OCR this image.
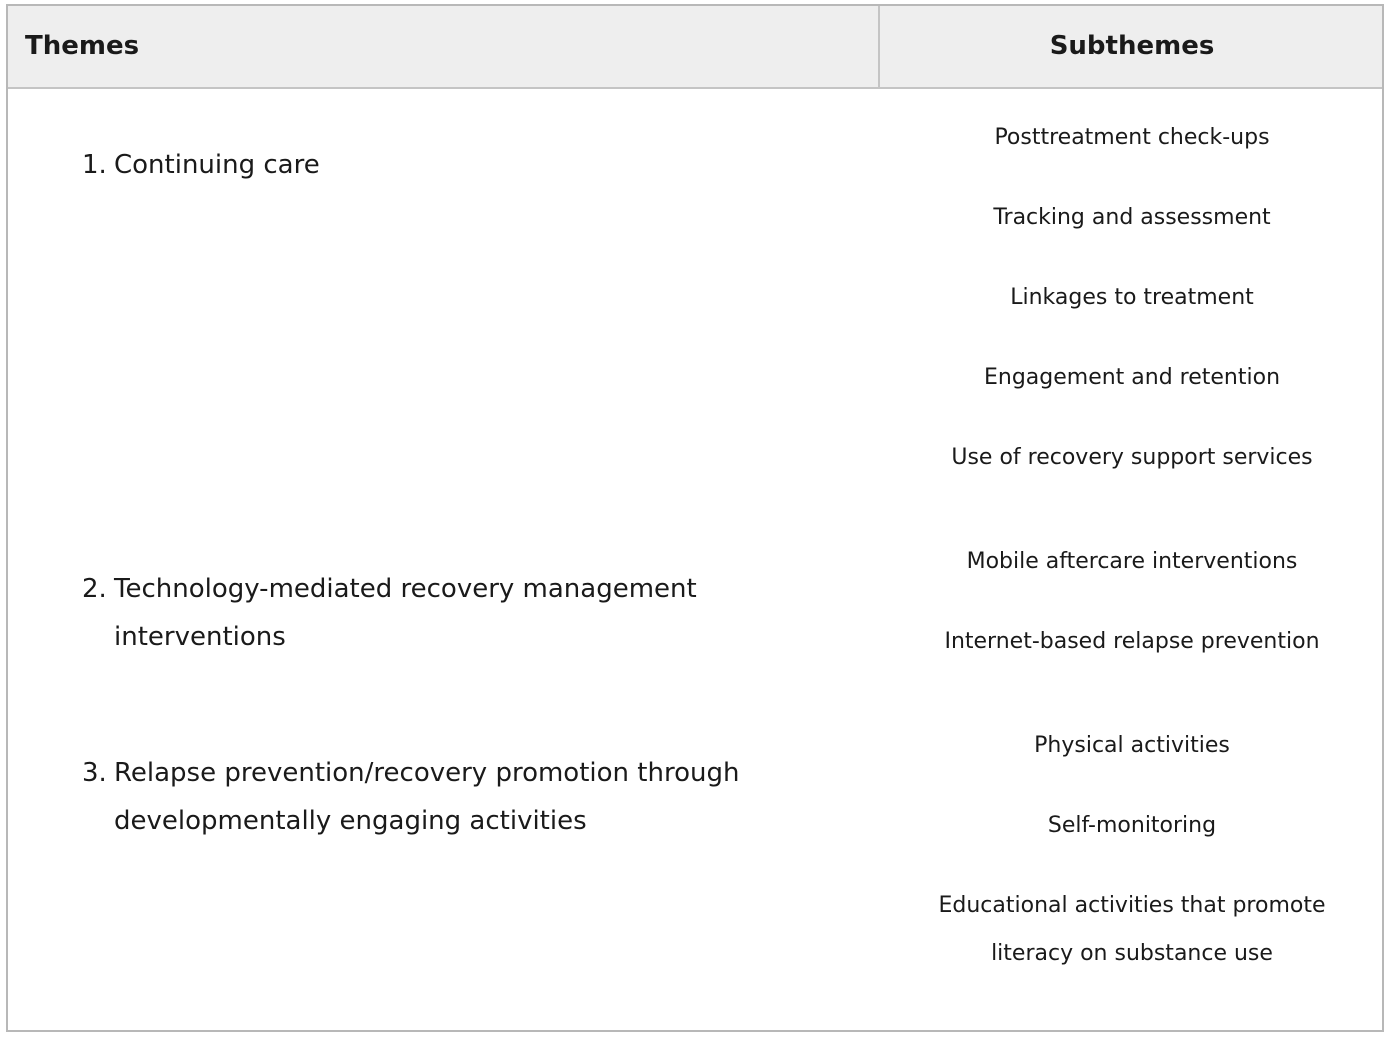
Themes	Subthemes
1. Continuing care
Posttreatment check-ups
Tracking and assessment
Linkages to treatment
Engagement and retention
Use of recovery support services
2. Technology-mediated recovery management interventions
Mobile aftercare interventions
Internet-based relapse prevention
3. Relapse prevention/recovery promotion through developmentally engaging activities
Physical activities
Self-monitoring
Educational activities that promote literacy on substance use
